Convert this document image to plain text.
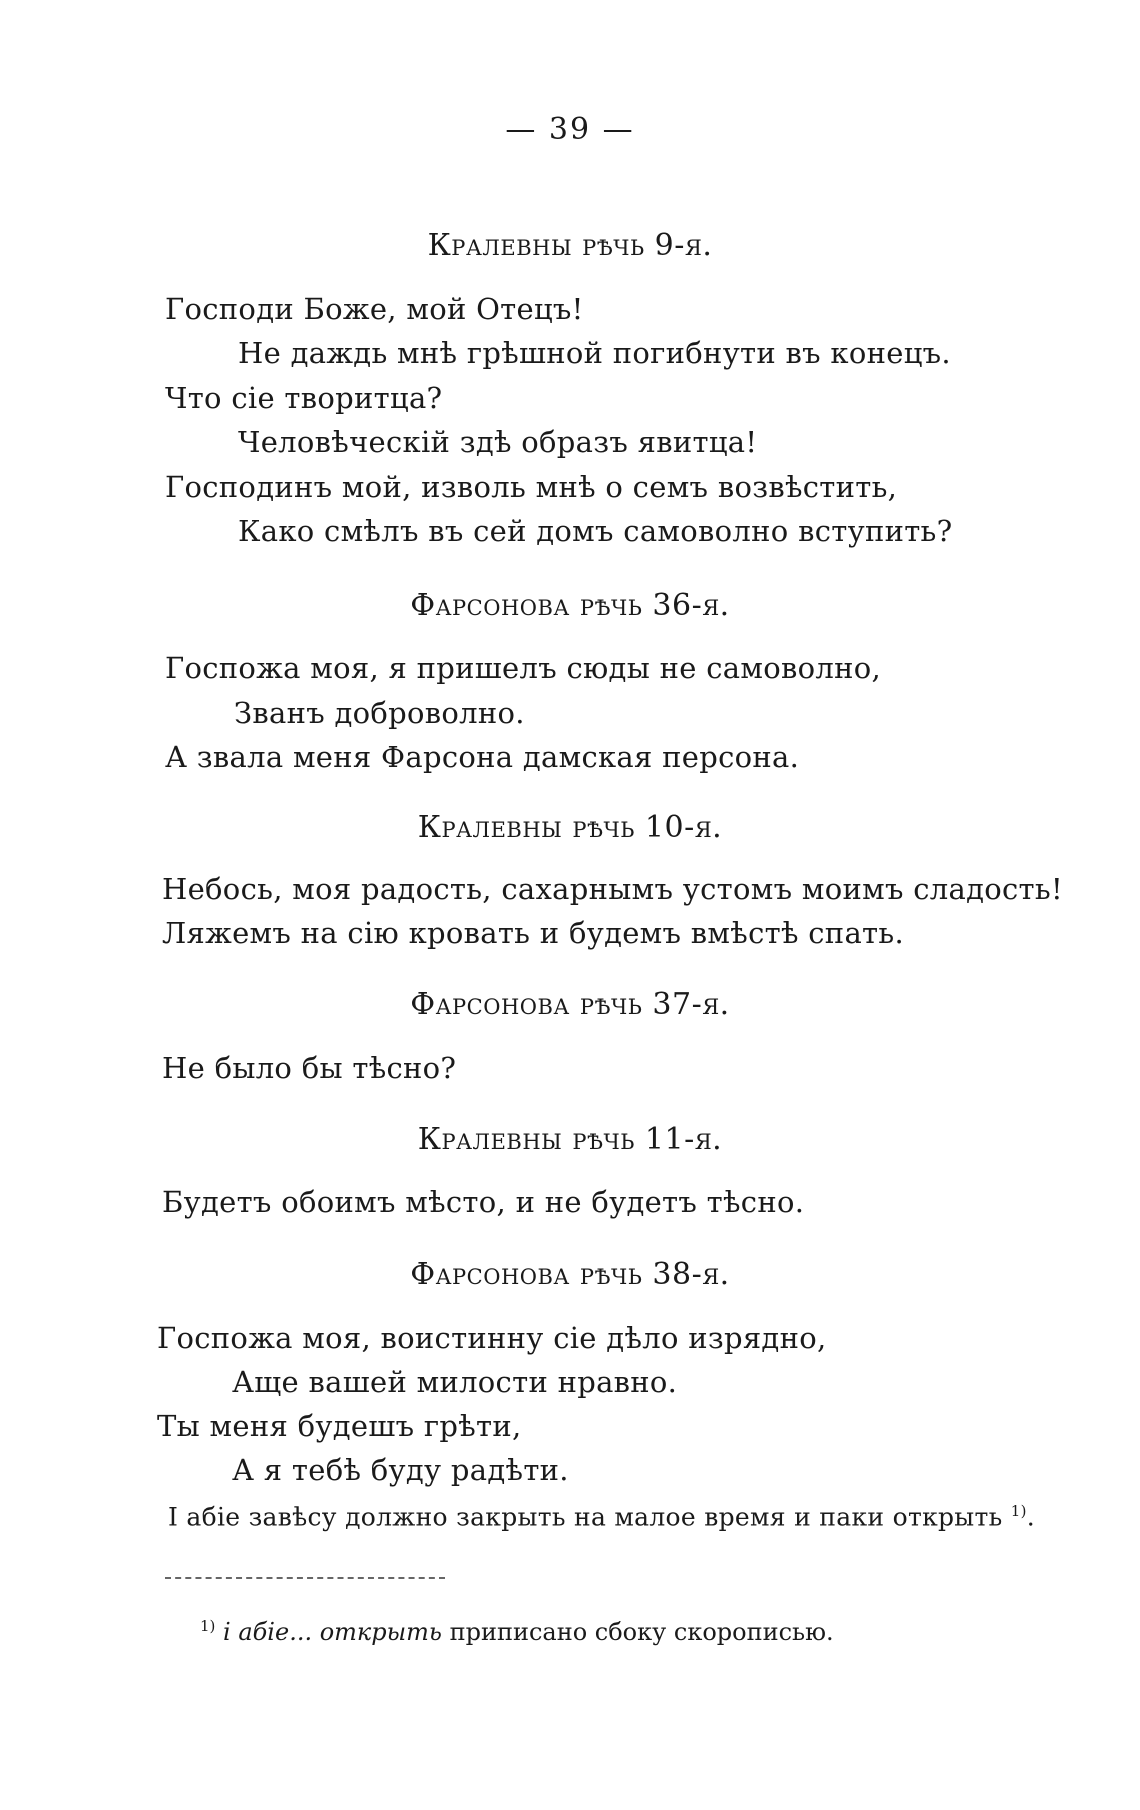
— 39 —
Кралевны рѣчь 9-я.
Господи Боже, мой Отецъ!
Не даждь мнѣ грѣшной погибнути въ конецъ.
Что сіе творитца?
Человѣческій здѣ образъ явитца!
Господинъ мой, изволь мнѣ о семъ возвѣстить,
Како смѣлъ въ сей домъ самоволно вступить?
Фарсонова рѣчь 36-я.
Госпожа моя, я пришелъ сюды не самоволно,
Званъ доброволно.
А звала меня Фарсона дамская персона.
Кралевны рѣчь 10-я.
Небось, моя радость, сахарнымъ устомъ моимъ сладость!
Ляжемъ на сію кровать и будемъ вмѣстѣ спать.
Фарсонова рѣчь 37-я.
Не было бы тѣсно?
Кралевны рѣчь 11-я.
Будетъ обоимъ мѣсто, и не будетъ тѣсно.
Фарсонова рѣчь 38-я.
Госпожа моя, воистинну сіе дѣло изрядно,
Аще вашей милости нравно.
Ты меня будешъ грѣти,
А я тебѣ буду радѣти.
І абіе завѣсу должно закрыть на малое время и паки открыть $^{1)}$.
$^{1)}$ і абіе... открыть приписано сбоку скорописью.
